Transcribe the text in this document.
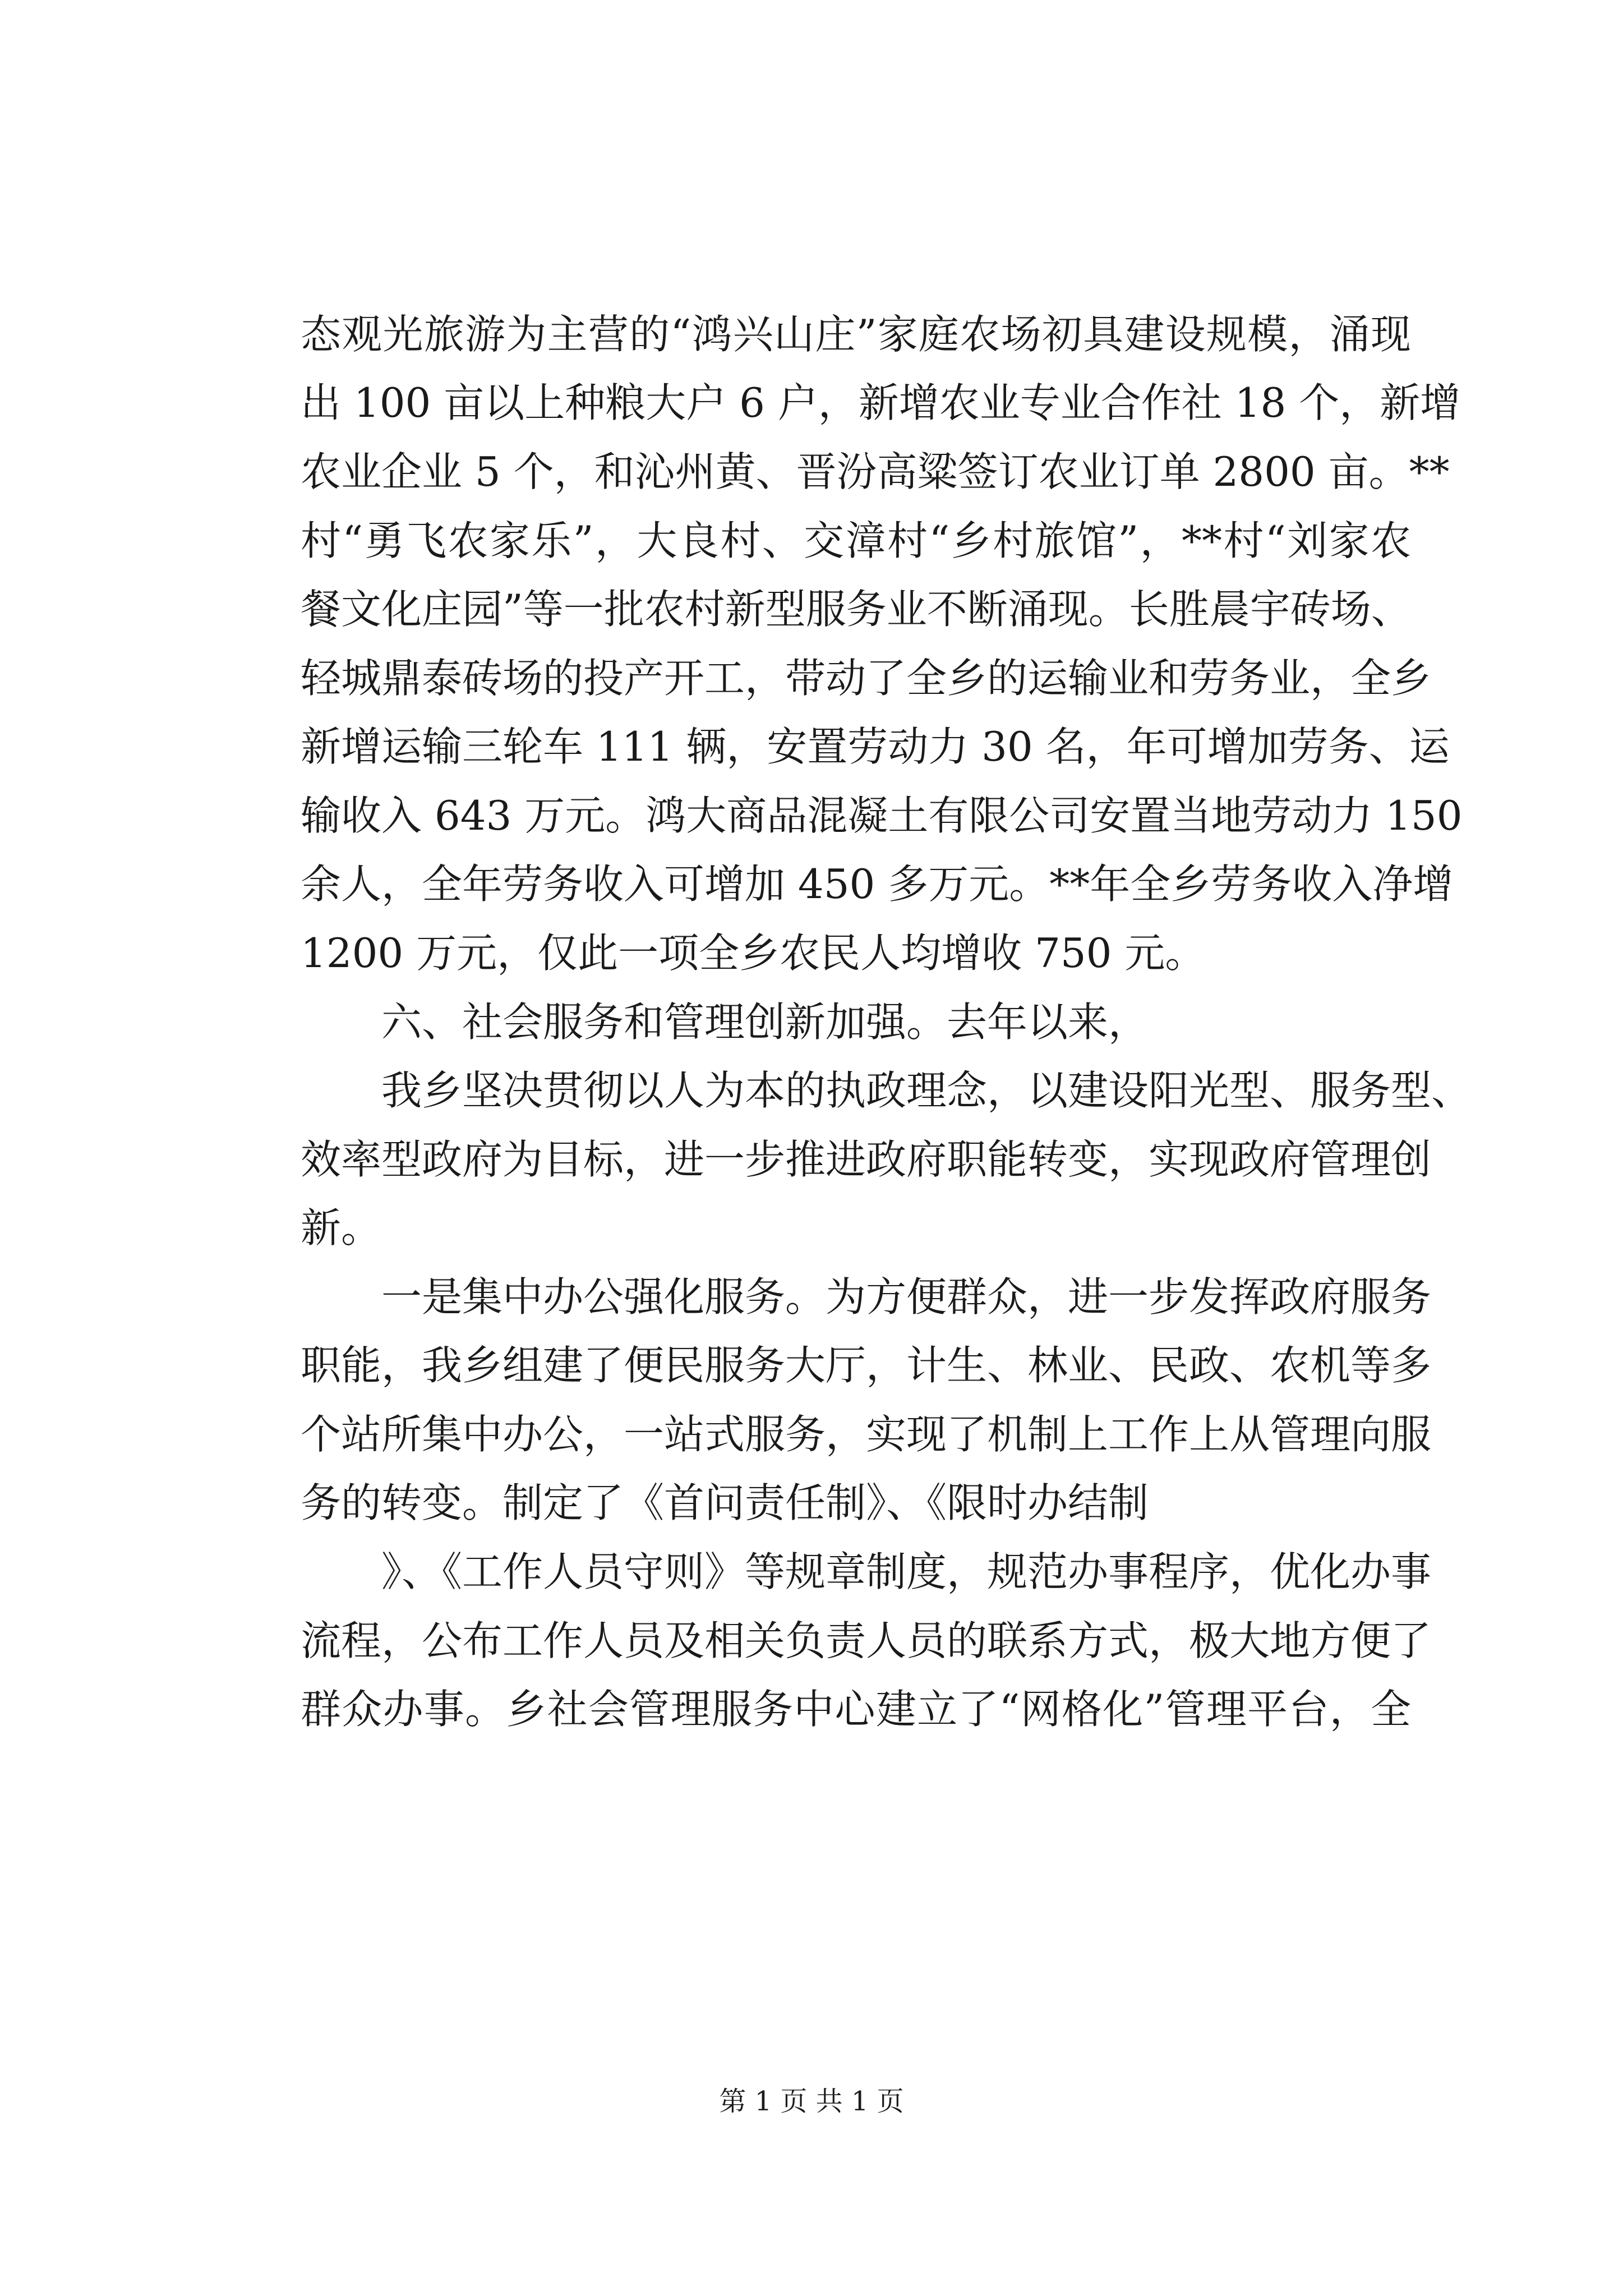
态观光旅游为主营的“鸿兴山庄”家庭农场初具建设规模，涌现

出 100 亩以上种粮大户 6 户，新增农业专业合作社 18 个，新增

农业企业 5 个，和沁州黄、晋汾高粱签订农业订单 2800 亩。**

村“勇飞农家乐”，大良村、交漳村“乡村旅馆”，**村“刘家农

餐文化庄园”等一批农村新型服务业不断涌现。长胜晨宇砖场、

轻城鼎泰砖场的投产开工，带动了全乡的运输业和劳务业，全乡

新增运输三轮车 111 辆，安置劳动力 30 名，年可增加劳务、运

输收入 643 万元。鸿大商品混凝土有限公司安置当地劳动力 150

余人，全年劳务收入可增加 450 多万元。**年全乡劳务收入净增

1200 万元，仅此一项全乡农民人均增收 750 元。

六、社会服务和管理创新加强。去年以来，

我乡坚决贯彻以人为本的执政理念，以建设阳光型、服务型、

效率型政府为目标，进一步推进政府职能转变，实现政府管理创

新。

一是集中办公强化服务。为方便群众，进一步发挥政府服务

职能，我乡组建了便民服务大厅，计生、林业、民政、农机等多

个站所集中办公，一站式服务，实现了机制上工作上从管理向服

务的转变。制定了《首问责任制》、《限时办结制

》、《工作人员守则》等规章制度，规范办事程序，优化办事

流程，公布工作人员及相关负责人员的联系方式，极大地方便了

群众办事。乡社会管理服务中心建立了“网格化”管理平台，全

第 1 页 共 1 页
